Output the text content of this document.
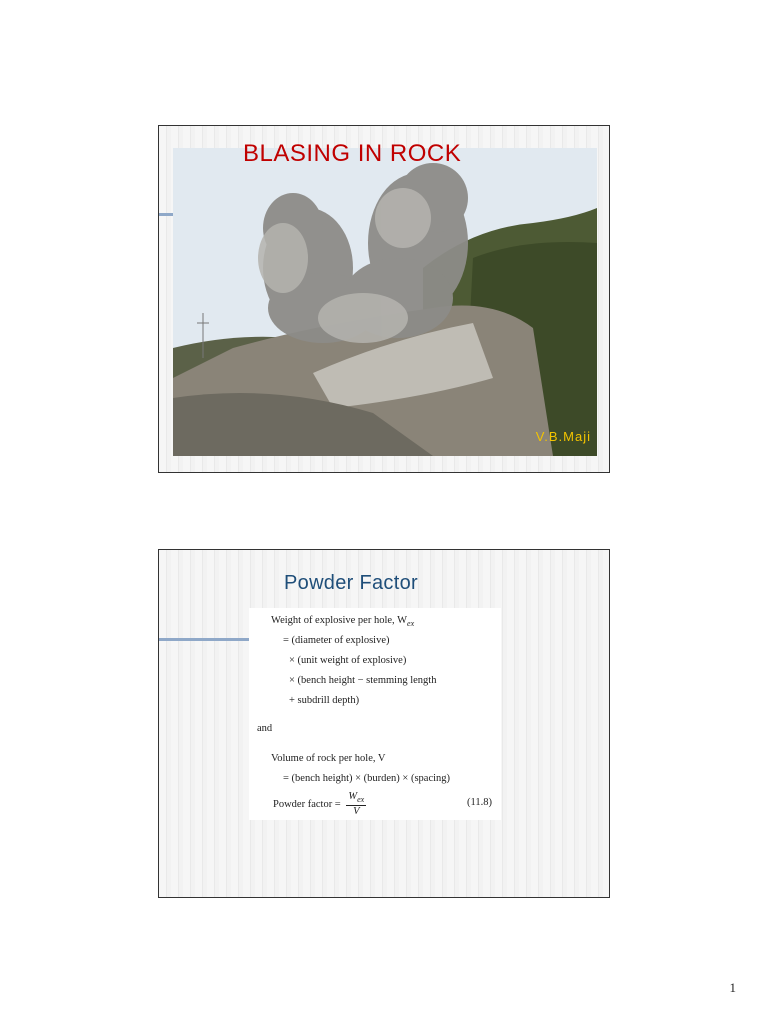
BLASING IN ROCK
V.B.Maji
Powder Factor
Weight of explosive per hole, $W_{ex}$
= (diameter of explosive)
× (unit weight of explosive)
× (bench height − stemming length
+ subdrill depth)
and
Volume of rock per hole, V
= (bench height) × (burden) × (spacing)
Powder factor = $\frac{W_{ex}}{V}$	(11.8)
1
